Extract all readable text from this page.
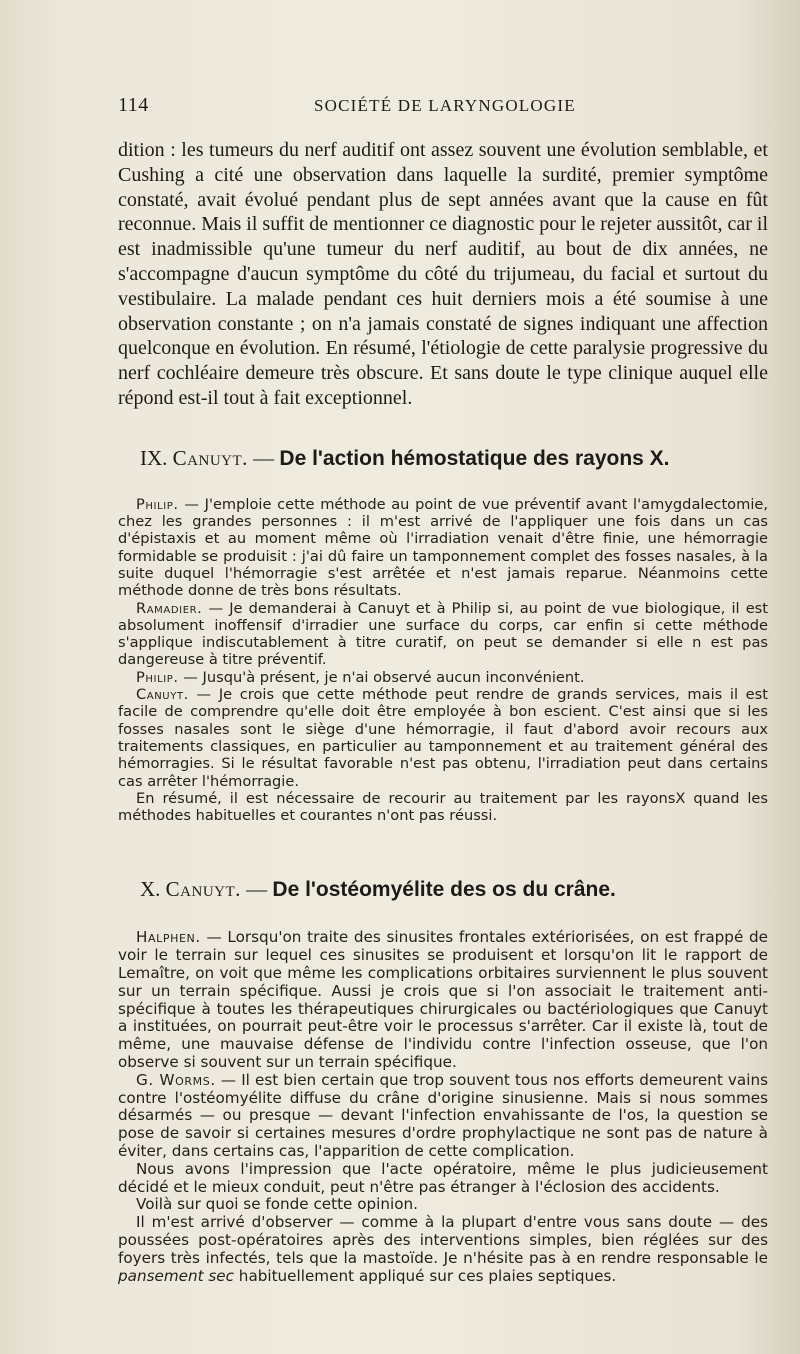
114	SOCIÉTÉ DE LARYNGOLOGIE

dition : les tumeurs du nerf auditif ont assez souvent une évolution semblable, et Cushing a cité une observation dans laquelle la surdité, premier symptôme constaté, avait évolué pendant plus de sept années avant que la cause en fût reconnue. Mais il suffit de mentionner ce diagnostic pour le rejeter aussitôt, car il est inadmissible qu'une tumeur du nerf auditif, au bout de dix années, ne s'accompagne d'aucun symptôme du côté du trijumeau, du facial et surtout du vestibulaire. La malade pendant ces huit derniers mois a été soumise à une observation constante ; on n'a jamais constaté de signes indiquant une affection quelconque en évolution. En résumé, l'étiologie de cette paralysie progressive du nerf cochléaire demeure très obscure. Et sans doute le type clinique auquel elle répond est-il tout à fait exceptionnel.

IX. Canuyt. — De l'action hémostatique des rayons X.

Philip. — J'emploie cette méthode au point de vue préventif avant l'amygdalectomie, chez les grandes personnes : il m'est arrivé de l'appliquer une fois dans un cas d'épistaxis et au moment même où l'irradiation venait d'être finie, une hémorragie formidable se produisit : j'ai dû faire un tamponnement complet des fosses nasales, à la suite duquel l'hémorragie s'est arrêtée et n'est jamais reparue. Néanmoins cette méthode donne de très bons résultats.

Ramadier. — Je demanderai à Canuyt et à Philip si, au point de vue biologique, il est absolument inoffensif d'irradier une surface du corps, car enfin si cette méthode s'applique indiscutablement à titre curatif, on peut se demander si elle n est pas dangereuse à titre préventif.

Philip. — Jusqu'à présent, je n'ai observé aucun inconvénient.

Canuyt. — Je crois que cette méthode peut rendre de grands services, mais il est facile de comprendre qu'elle doit être employée à bon escient. C'est ainsi que si les fosses nasales sont le siège d'une hémorragie, il faut d'abord avoir recours aux traitements classiques, en particulier au tamponnement et au traitement général des hémorragies. Si le résultat favorable n'est pas obtenu, l'irradiation peut dans certains cas arrêter l'hémorragie.

En résumé, il est nécessaire de recourir au traitement par les rayonsX quand les méthodes habituelles et courantes n'ont pas réussi.

X. Canuyt. — De l'ostéomyélite des os du crâne.

Halphen. — Lorsqu'on traite des sinusites frontales extériorisées, on est frappé de voir le terrain sur lequel ces sinusites se produisent et lorsqu'on lit le rapport de Lemaître, on voit que même les complications orbitaires surviennent le plus souvent sur un terrain spécifique. Aussi je crois que si l'on associait le traitement anti-spécifique à toutes les thérapeutiques chirurgicales ou bactériologiques que Canuyt a instituées, on pourrait peut-être voir le processus s'arrêter. Car il existe là, tout de même, une mauvaise défense de l'individu contre l'infection osseuse, que l'on observe si souvent sur un terrain spécifique.

G. Worms. — Il est bien certain que trop souvent tous nos efforts demeurent vains contre l'ostéomyélite diffuse du crâne d'origine sinusienne. Mais si nous sommes désarmés — ou presque — devant l'infection envahissante de l'os, la question se pose de savoir si certaines mesures d'ordre prophylactique ne sont pas de nature à éviter, dans certains cas, l'apparition de cette complication.

Nous avons l'impression que l'acte opératoire, même le plus judicieusement décidé et le mieux conduit, peut n'être pas étranger à l'éclosion des accidents.

Voilà sur quoi se fonde cette opinion.

Il m'est arrivé d'observer — comme à la plupart d'entre vous sans doute — des poussées post-opératoires après des interventions simples, bien réglées sur des foyers très infectés, tels que la mastoïde. Je n'hésite pas à en rendre responsable le pansement sec habituellement appliqué sur ces plaies septiques.
